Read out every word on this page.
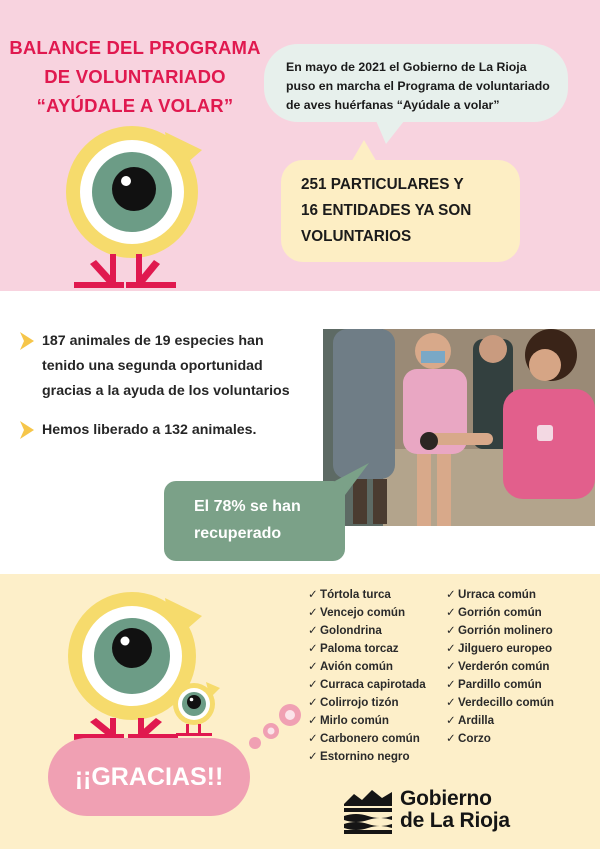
BALANCE DEL PROGRAMA
DE VOLUNTARIADO
“AYÚDALE A VOLAR”
En mayo de 2021 el Gobierno de La Rioja
puso en marcha el Programa de voluntariado
de aves huérfanas “Ayúdale a volar”
251 PARTICULARES Y
16 ENTIDADES YA SON
VOLUNTARIOS
187 animales de 19 especies han
tenido una segunda oportunidad
gracias a la ayuda de los voluntarios
Hemos liberado a 132 animales.
El 78% se han
recuperado
¡¡GRACIAS!!
✓ Tórtola turca
✓ Vencejo común
✓ Golondrina
✓ Paloma torcaz
✓ Avión común
✓ Curraca capirotada
✓ Colirrojo tizón
✓ Mirlo común
✓ Carbonero común
✓ Estornino negro
✓ Urraca común
✓ Gorrión común
✓ Gorrión molinero
✓ Jilguero europeo
✓ Verderón común
✓ Pardillo común
✓ Verdecillo común
✓ Ardilla
✓ Corzo
Gobierno
de La Rioja
